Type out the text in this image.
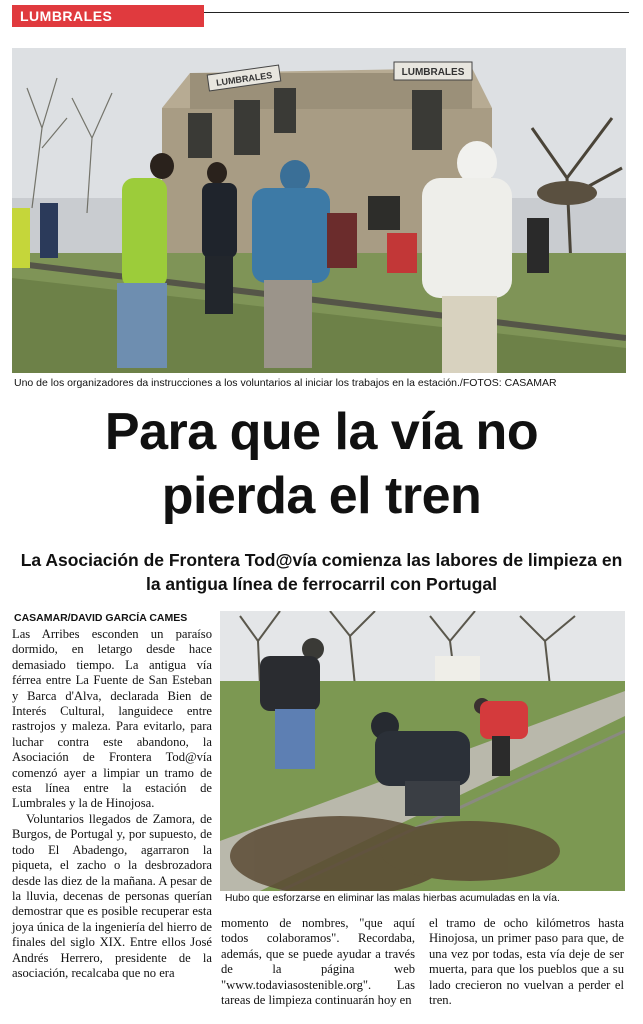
LUMBRALES
LUMBRALES
LUMBRALES
Uno de los organizadores da instrucciones a los voluntarios al iniciar los trabajos en la estación./FOTOS: CASAMAR
Para que la vía no
pierda el tren
La Asociación de Frontera Tod@vía comienza las labores de limpieza en la antigua línea de ferrocarril con Portugal
CASAMAR/DAVID GARCÍA CAMES

Las Arribes esconden un paraíso dormido, en letargo desde hace demasiado tiempo. La antigua vía férrea entre La Fuente de San Esteban y Barca d'Alva, declarada Bien de Interés Cultural, languidece entre rastrojos y maleza. Para evitarlo, para luchar contra este abandono, la Asociación de Frontera Tod@vía comenzó ayer a limpiar un tramo de esta línea entre la estación de Lumbrales y la de Hinojosa.

Voluntarios llegados de Zamora, de Burgos, de Portugal y, por supuesto, de todo El Abadengo, agarraron la piqueta, el zacho o la desbrozadora desde las diez de la mañana. A pesar de la lluvia, decenas de personas querían demostrar que es posible recuperar esta joya única de la ingeniería del hierro de finales del siglo XIX. Entre ellos José Andrés Herrero, presidente de la asociación, recalcaba que no era

Hubo que esforzarse en eliminar las malas hierbas acumuladas en la vía.

momento de nombres, "que aquí todos colaboramos". Recordaba, además, que se puede ayudar a través de la página web "www.todaviasostenible.org". Las tareas de limpieza continuarán hoy en

el tramo de ocho kilómetros hasta Hinojosa, un primer paso para que, de una vez por todas, esta vía deje de ser muerta, para que los pueblos que a su lado crecieron no vuelvan a perder el tren.
